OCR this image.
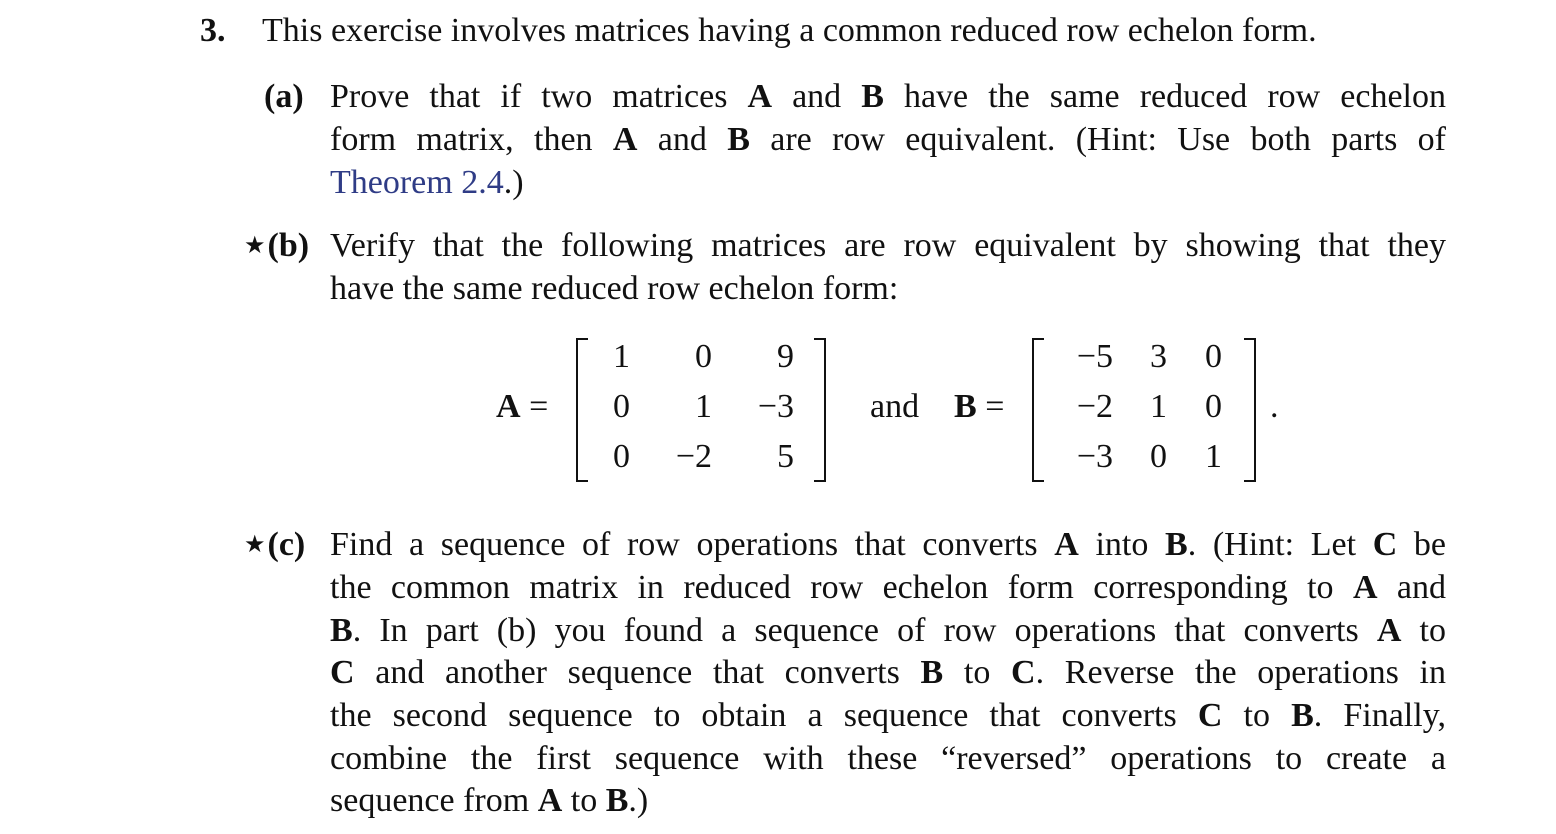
3. This exercise involves matrices having a common reduced row echelon form.
(a) Prove that if two matrices A and B have the same reduced row echelon
form matrix, then A and B are row equivalent. (Hint: Use both parts of
Theorem 2.4.)
★(b) Verify that the following matrices are row equivalent by showing that they
have the same reduced row echelon form:
A =
1	0	9
0	1	−3
0	−2	5
and B =
−5	3	0
−2	1	0
−3	0	1
.
★(c) Find a sequence of row operations that converts A into B. (Hint: Let C be
the common matrix in reduced row echelon form corresponding to A and
B. In part (b) you found a sequence of row operations that converts A to
C and another sequence that converts B to C. Reverse the operations in
the second sequence to obtain a sequence that converts C to B. Finally,
combine the first sequence with these “reversed” operations to create a
sequence from A to B.)
